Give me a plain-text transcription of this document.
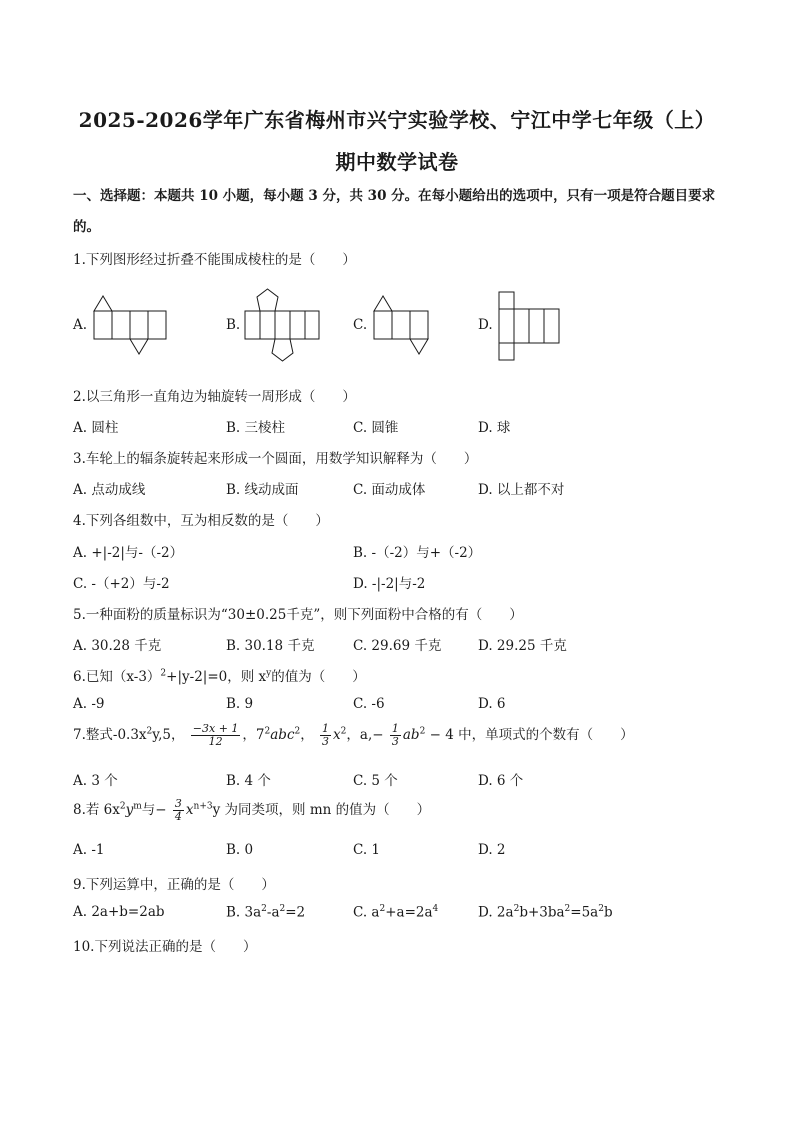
2025-2026学年广东省梅州市兴宁实验学校、宁江中学七年级（上）
期中数学试卷
一、选择题：本题共 10 小题，每小题 3 分，共 30 分。在每小题给出的选项中，只有一项是符合题目要求的。
1.下列图形经过折叠不能围成棱柱的是（　　）
A.	B.	C.	D.
2.以三角形一直角边为轴旋转一周形成（　　）
A. 圆柱	B. 三棱柱	C. 圆锥	D. 球
3.车轮上的辐条旋转起来形成一个圆面，用数学知识解释为（　　）
A. 点动成线	B. 线动成面	C. 面动成体	D. 以上都不对
4.下列各组数中，互为相反数的是（　　）
A. +|-2|与-（-2）	B. -（-2）与+（-2）
C. -（+2）与-2	D. -|-2|与-2
5.一种面粉的质量标识为“30±0.25千克”，则下列面粉中合格的有（　　）
A. 30.28 千克	B. 30.18 千克	C. 29.69 千克	D. 29.25 千克
6.已知$(x-3)^2+|y-2|=0$，则 $x^y$的值为（　　）
A. -9	B. 9	C. -6	D. 6
7.整式$-0.3x^2y,5$， $\frac{-3x + 1}{12}$ ，$7^2abc^2$， $\frac{1}{3} x^2$，$a,- \frac{1}{3} ab^2 - 4$ 中，单项式的个数有（　　）
A. 3 个	B. 4 个	C. 5 个	D. 6 个
8.若 $6x^2y^m$与− $\frac{3}{4} x^{n+3}y$ 为同类项，则 mn 的值为（　　）
A. -1	B. 0	C. 1	D. 2
9.下列运算中，正确的是（　　）
A. 2a+b=2ab	B. $3a^2-a^2=2$	C. $a^2+a=2a^4$	D. $2a^2b+3ba^2=5a^2b$
10.下列说法正确的是（　　）
